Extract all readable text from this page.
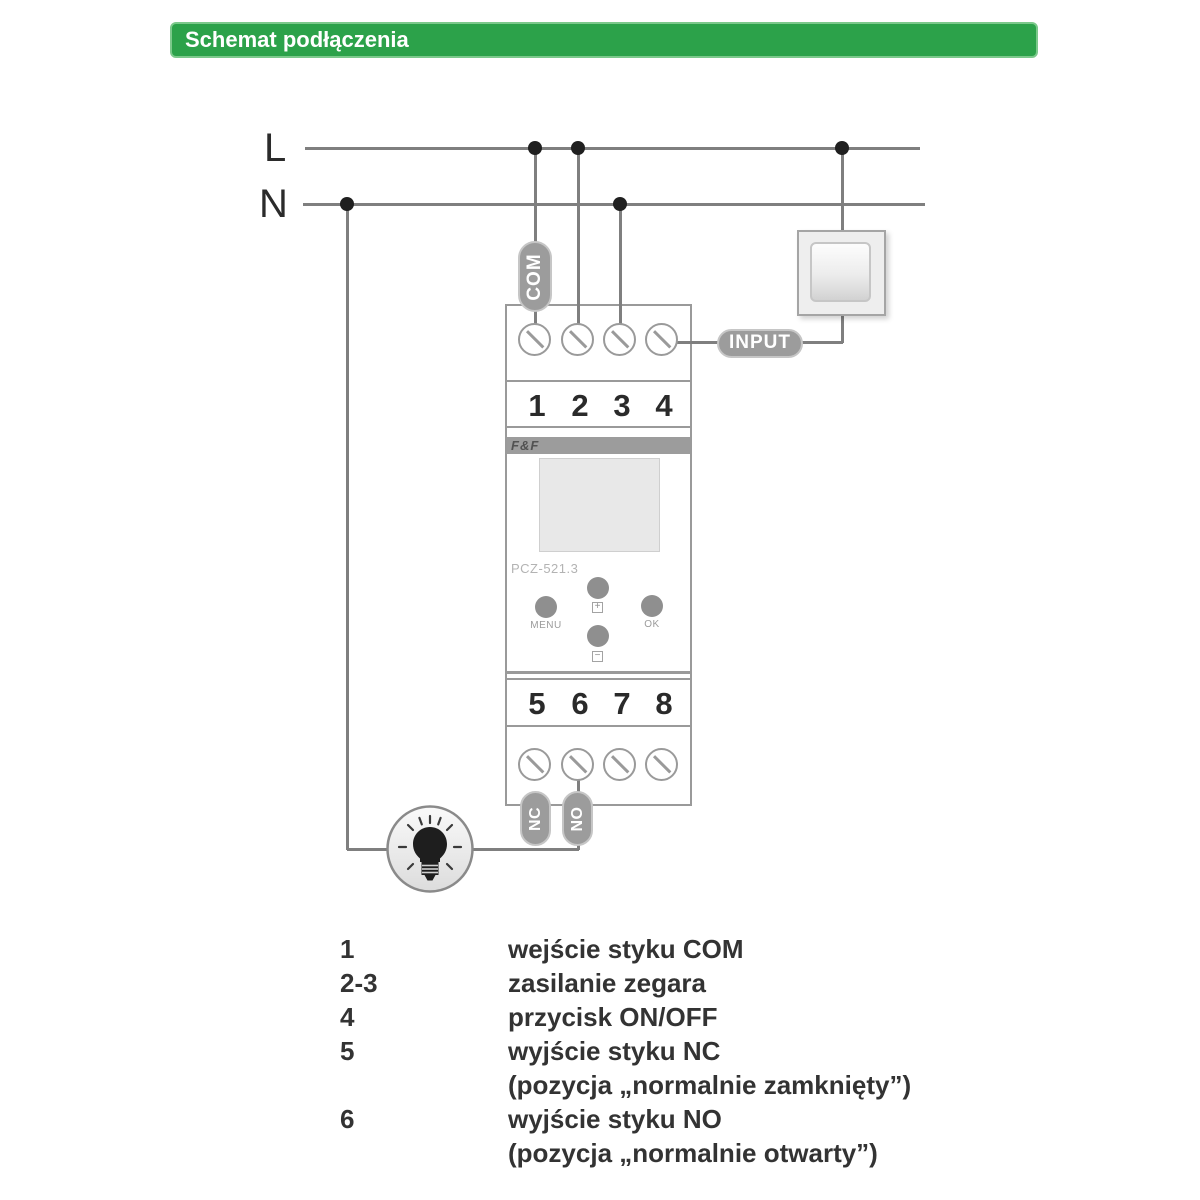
Schemat podłączenia
L
N
1 2 3 4
5 6 7 8
F&F
PCZ-521.3
+
−
MENU	OK
COM
INPUT
NC NO
1	wejście styku COM
2-3	zasilanie zegara
4	przycisk ON/OFF
5	wyjście styku NC
(pozycja „normalnie zamknięty”)
6	wyjście styku NO
(pozycja „normalnie otwarty”)
